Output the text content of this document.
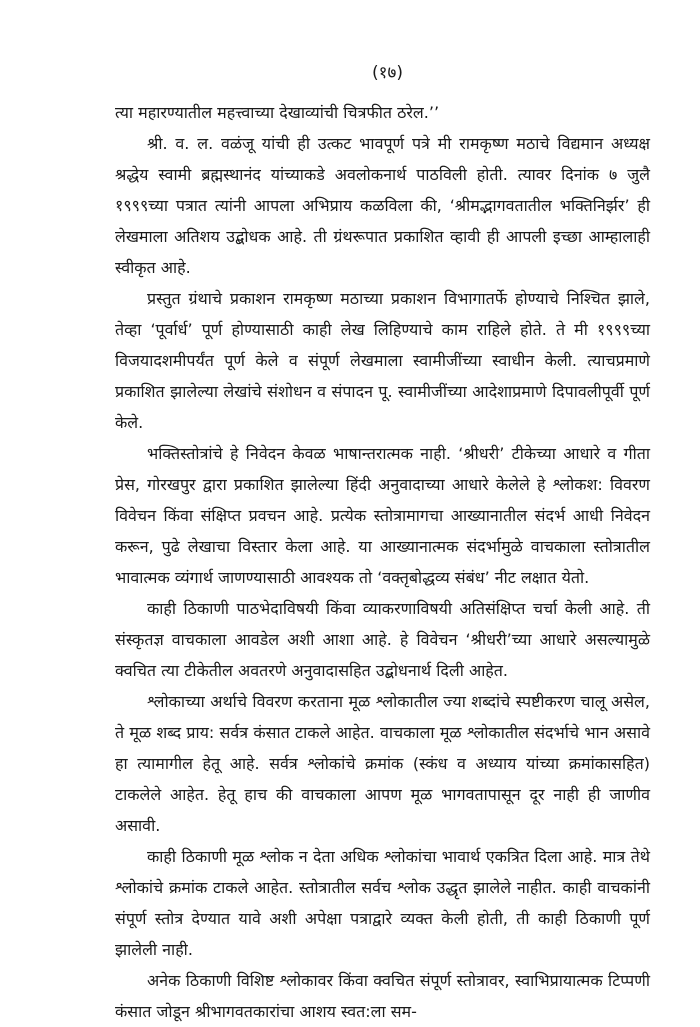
(१७)

त्या महारण्यातील महत्त्वाच्या देखाव्यांची चित्रफीत ठरेल.’’

श्री. व. ल. वळंजू यांची ही उत्कट भावपूर्ण पत्रे मी रामकृष्ण मठाचे विद्यमान अध्यक्ष श्रद्धेय स्वामी ब्रह्मस्थानंद यांच्याकडे अवलोकनार्थ पाठविली होती. त्यावर दिनांक ७ जुलै १९९९च्या पत्रात त्यांनी आपला अभिप्राय कळविला की, ‘श्रीमद्भागवतातील भक्तिनिर्झर’ ही लेखमाला अतिशय उद्बोधक आहे. ती ग्रंथरूपात प्रकाशित व्हावी ही आपली इच्छा आम्हालाही स्वीकृत आहे.

प्रस्तुत ग्रंथाचे प्रकाशन रामकृष्ण मठाच्या प्रकाशन विभागातर्फे होण्याचे निश्चित झाले, तेव्हा ‘पूर्वार्ध’ पूर्ण होण्यासाठी काही लेख लिहिण्याचे काम राहिले होते. ते मी १९९९च्या विजयादशमीपर्यंत पूर्ण केले व संपूर्ण लेखमाला स्वामीजींच्या स्वाधीन केली. त्याचप्रमाणे प्रकाशित झालेल्या लेखांचे संशोधन व संपादन पू. स्वामीजींच्या आदेशाप्रमाणे दिपावलीपूर्वी पूर्ण केले.

भक्तिस्तोत्रांचे हे निवेदन केवळ भाषान्तरात्मक नाही. ‘श्रीधरी’ टीकेच्या आधारे व गीता प्रेस, गोरखपुर द्वारा प्रकाशित झालेल्या हिंदी अनुवादाच्या आधारे केलेले हे श्लोकश: विवरण विवेचन किंवा संक्षिप्त प्रवचन आहे. प्रत्येक स्तोत्रामागचा आख्यानातील संदर्भ आधी निवेदन करून, पुढे लेखाचा विस्तार केला आहे. या आख्यानात्मक संदर्भामुळे वाचकाला स्तोत्रातील भावात्मक व्यंगार्थ जाणण्यासाठी आवश्यक तो ‘वक्तृबोद्धव्य संबंध’ नीट लक्षात येतो.

काही ठिकाणी पाठभेदाविषयी किंवा व्याकरणाविषयी अतिसंक्षिप्त चर्चा केली आहे. ती संस्कृतज्ञ वाचकाला आवडेल अशी आशा आहे. हे विवेचन ‘श्रीधरी’च्या आधारे असल्यामुळे क्वचित त्या टीकेतील अवतरणे अनुवादासहित उद्बोधनार्थ दिली आहेत.

श्लोकाच्या अर्थाचे विवरण करताना मूळ श्लोकातील ज्या शब्दांचे स्पष्टीकरण चालू असेल, ते मूळ शब्द प्राय: सर्वत्र कंसात टाकले आहेत. वाचकाला मूळ श्लोकातील संदर्भाचे भान असावे हा त्यामागील हेतू आहे. सर्वत्र श्लोकांचे क्रमांक (स्कंध व अध्याय यांच्या क्रमांकासहित) टाकलेले आहेत. हेतू हाच की वाचकाला आपण मूळ भागवतापासून दूर नाही ही जाणीव असावी.

काही ठिकाणी मूळ श्लोक न देता अधिक श्लोकांचा भावार्थ एकत्रित दिला आहे. मात्र तेथे श्लोकांचे क्रमांक टाकले आहेत. स्तोत्रातील सर्वच श्लोक उद्धृत झालेले नाहीत. काही वाचकांनी संपूर्ण स्तोत्र देण्यात यावे अशी अपेक्षा पत्राद्वारे व्यक्त केली होती, ती काही ठिकाणी पूर्ण झालेली नाही.

अनेक ठिकाणी विशिष्ट श्लोकावर किंवा क्वचित संपूर्ण स्तोत्रावर, स्वाभिप्रायात्मक टिप्पणी कंसात जोडून श्रीभागवतकारांचा आशय स्वत:ला सम-
